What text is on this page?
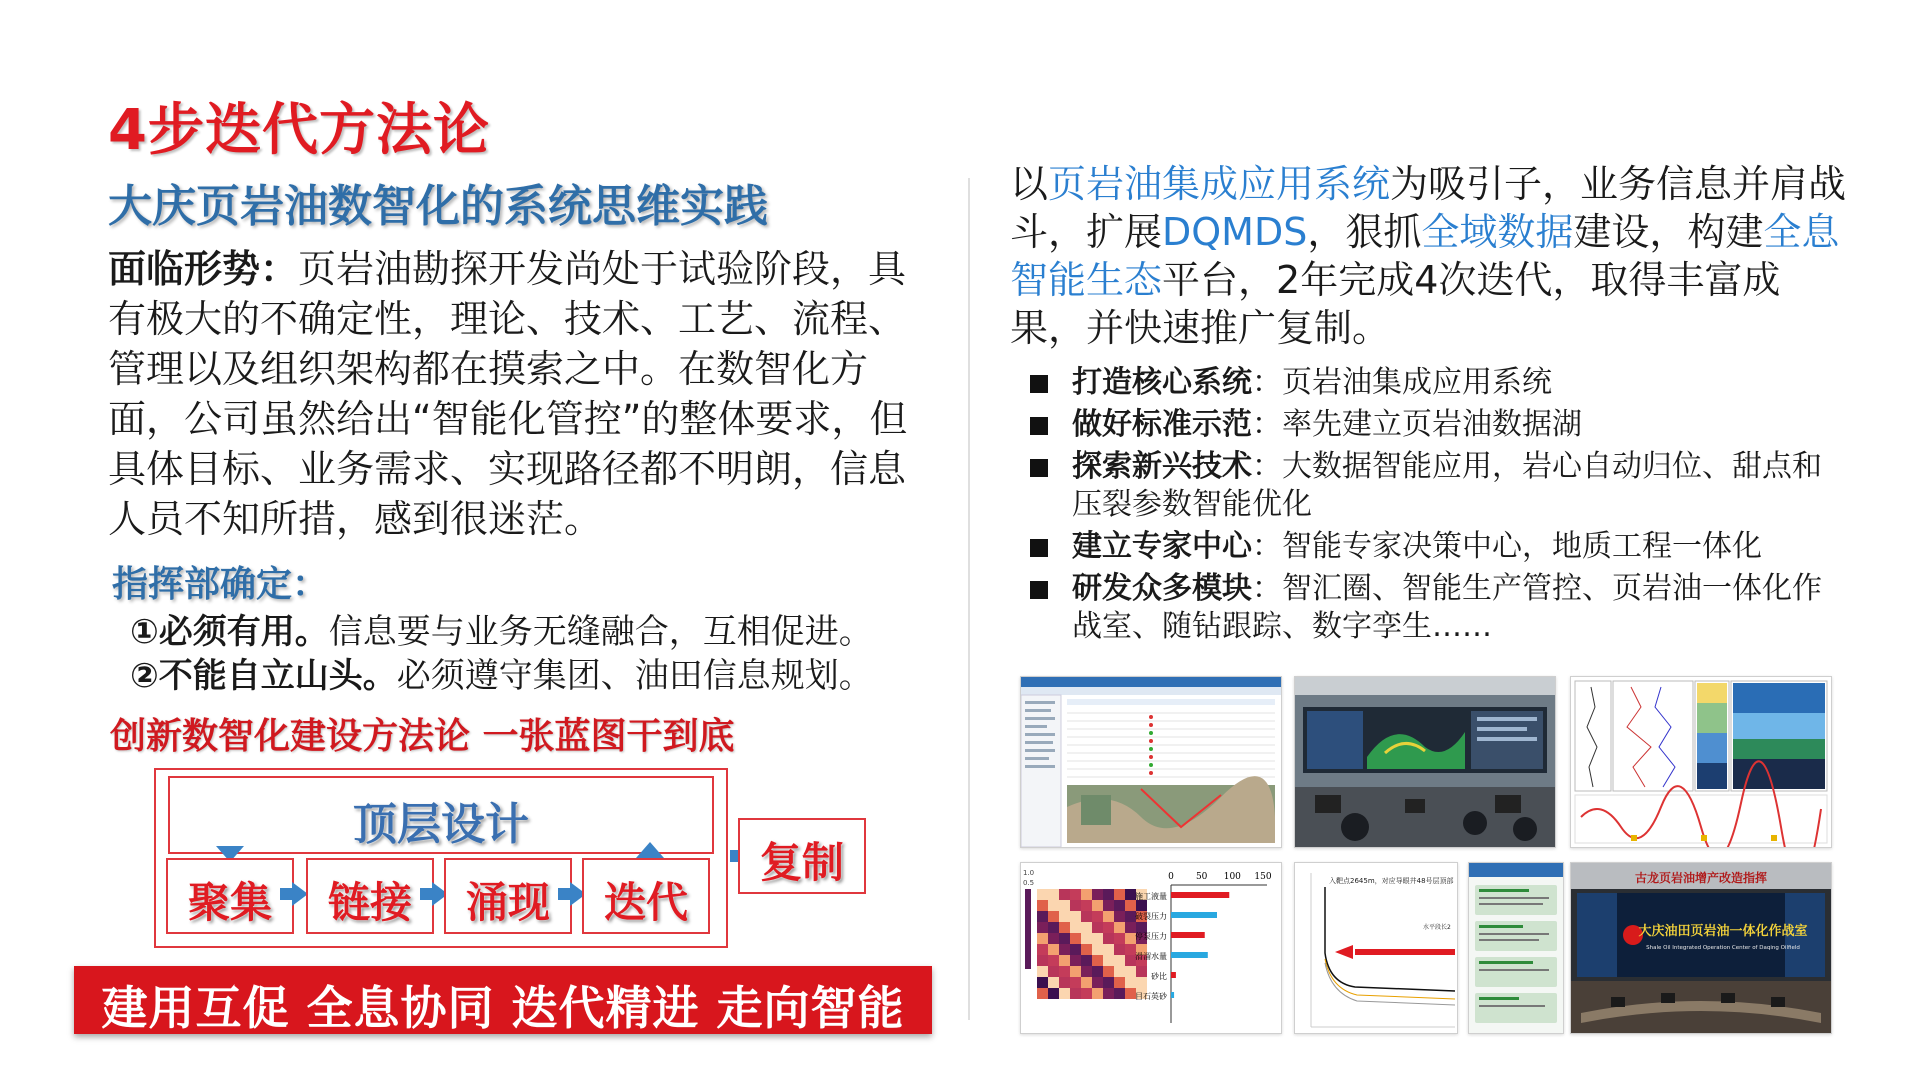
4步迭代方法论
大庆页岩油数智化的系统思维实践
面临形势：页岩油勘探开发尚处于试验阶段，具有极大的不确定性，理论、技术、工艺、流程、管理以及组织架构都在摸索之中。在数智化方面，公司虽然给出“智能化管控”的整体要求，但具体目标、业务需求、实现路径都不明朗，信息人员不知所措，感到很迷茫。
指挥部确定：
①必须有用。信息要与业务无缝融合，互相促进。
②不能自立山头。必须遵守集团、油田信息规划。
创新数智化建设方法论 一张蓝图干到底
顶层设计
聚集	链接	涌现	迭代
复制
建用互促 全息协同 迭代精进 走向智能
以页岩油集成应用系统为吸引子，业务信息并肩战斗，扩展DQMDS，狠抓全域数据建设，构建全息智能生态平台，2年完成4次迭代，取得丰富成果，并快速推广复制。
打造核心系统：页岩油集成应用系统
做好标准示范：率先建立页岩油数据湖
探索新兴技术：大数据智能应用，岩心自动归位、甜点和压裂参数智能优化
建立专家中心：智能专家决策中心，地质工程一体化
研发众多模块：智汇圈、智能生产管控、页岩油一体化作战室、随钻跟踪、数字孪生……
1.0
0.5
0 50 100 150
施工液量
破裂压力
停泵压力
滑溜水量
砂比
目石英砂
入靶点2645m，对应导眼井48号层顶部
水平段长2
古龙页岩油增产改造指挥
大庆油田页岩油一体化作战室
Shale Oil Integrated Operation Center of Daqing Oilfield
